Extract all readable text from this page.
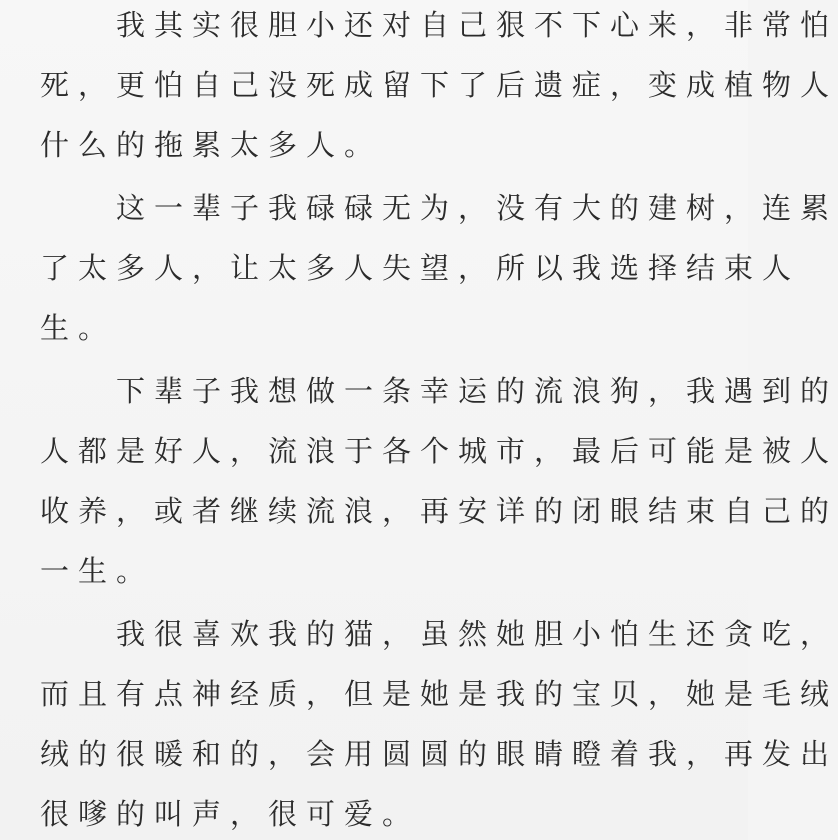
　　我其实很胆小还对自己狠不下心来，非常怕
死，更怕自己没死成留下了后遗症，变成植物人
什么的拖累太多人。
　　这一辈子我碌碌无为，没有大的建树，连累
了太多人，让太多人失望，所以我选择结束人
生。
　　下辈子我想做一条幸运的流浪狗，我遇到的
人都是好人，流浪于各个城市，最后可能是被人
收养，或者继续流浪，再安详的闭眼结束自己的
一生。
　　我很喜欢我的猫，虽然她胆小怕生还贪吃，
而且有点神经质，但是她是我的宝贝，她是毛绒
绒的很暖和的，会用圆圆的眼睛瞪着我，再发出
很嗲的叫声，很可爱。
